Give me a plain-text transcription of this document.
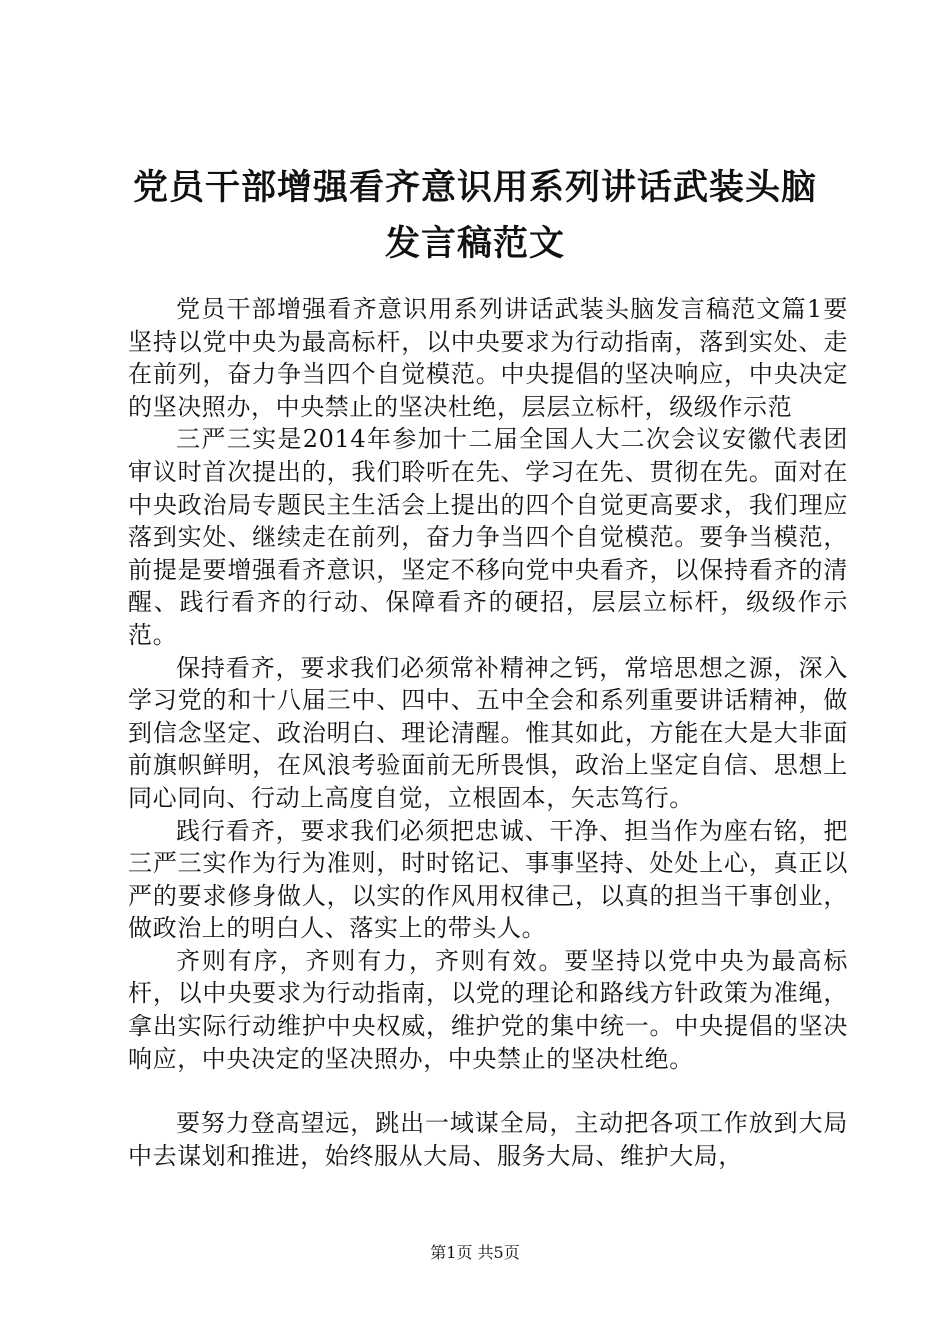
党员干部增强看齐意识用系列讲话武装头脑发言稿范文

党员干部增强看齐意识用系列讲话武装头脑发言稿范文篇1要坚持以党中央为最高标杆，以中央要求为行动指南，落到实处、走在前列，奋力争当四个自觉模范。中央提倡的坚决响应，中央决定的坚决照办，中央禁止的坚决杜绝，层层立标杆，级级作示范

三严三实是2014年参加十二届全国人大二次会议安徽代表团审议时首次提出的，我们聆听在先、学习在先、贯彻在先。面对在中央政治局专题民主生活会上提出的四个自觉更高要求，我们理应落到实处、继续走在前列，奋力争当四个自觉模范。要争当模范，前提是要增强看齐意识，坚定不移向党中央看齐，以保持看齐的清醒、践行看齐的行动、保障看齐的硬招，层层立标杆，级级作示范。

保持看齐，要求我们必须常补精神之钙，常培思想之源，深入学习党的和十八届三中、四中、五中全会和系列重要讲话精神，做到信念坚定、政治明白、理论清醒。惟其如此，方能在大是大非面前旗帜鲜明，在风浪考验面前无所畏惧，政治上坚定自信、思想上同心同向、行动上高度自觉，立根固本，矢志笃行。

践行看齐，要求我们必须把忠诚、干净、担当作为座右铭，把三严三实作为行为准则，时时铭记、事事坚持、处处上心，真正以严的要求修身做人，以实的作风用权律己，以真的担当干事创业，做政治上的明白人、落实上的带头人。

齐则有序，齐则有力，齐则有效。要坚持以党中央为最高标杆，以中央要求为行动指南，以党的理论和路线方针政策为准绳，拿出实际行动维护中央权威，维护党的集中统一。中央提倡的坚决响应，中央决定的坚决照办，中央禁止的坚决杜绝。

要努力登高望远，跳出一域谋全局，主动把各项工作放到大局中去谋划和推进，始终服从大局、服务大局、维护大局，

第1页 共5页
